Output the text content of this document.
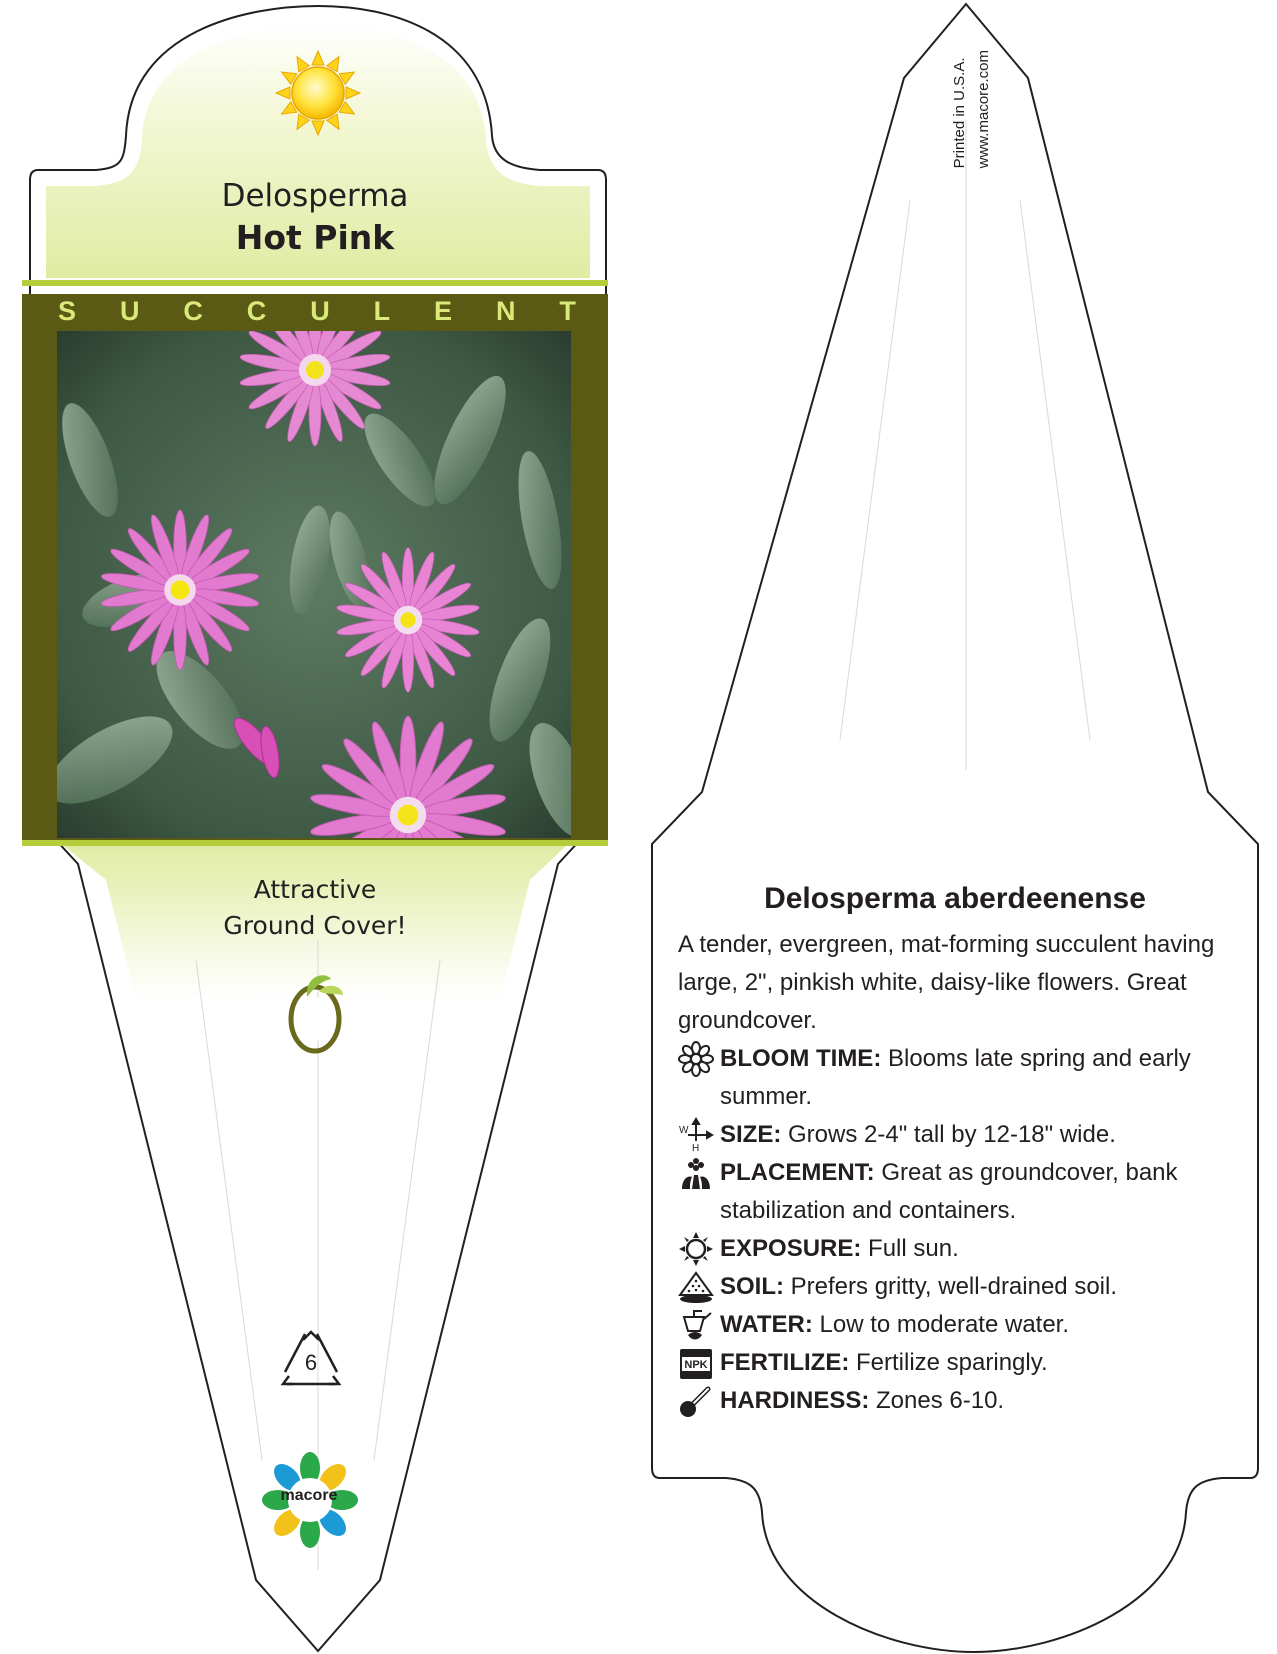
Delosperma
Hot Pink
S U C C U L E N T
Attractive
Ground Cover!
6
macore
Printed in U.S.A. www.macore.com
Delosperma aberdeenense

A tender, evergreen, mat-forming succulent having large, 2", pinkish white, daisy-like flowers. Great groundcover.

BLOOM TIME: Blooms late spring and early summer.
W
H
SIZE: Grows 2-4" tall by 12-18" wide.
PLACEMENT: Great as groundcover, bank stabilization and containers.
EXPOSURE: Full sun.
SOIL: Prefers gritty, well-drained soil.
WATER: Low to moderate water.
NPK FERTILIZE: Fertilize sparingly.
HARDINESS: Zones 6-10.
